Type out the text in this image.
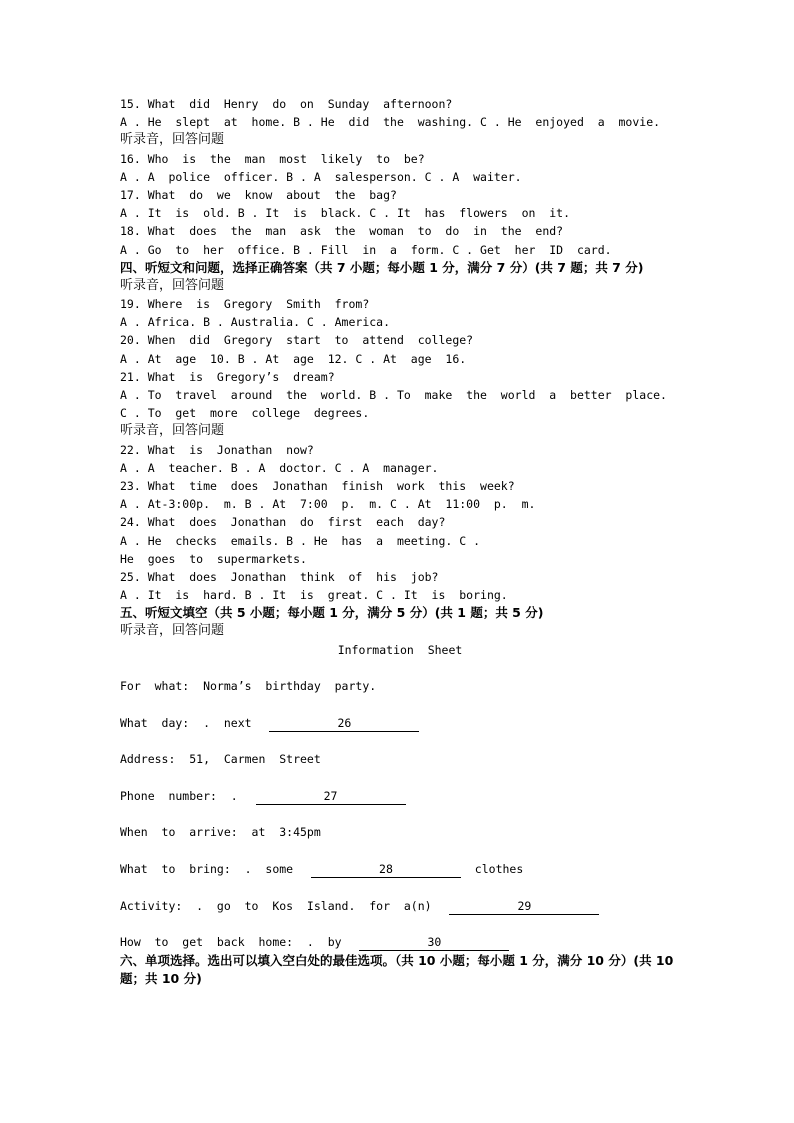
15. What  did  Henry  do  on  Sunday  afternoon?
A . He  slept  at  home. B . He  did  the  washing. C . He  enjoyed  a  movie.
听录音，回答问题
16. Who  is  the  man  most  likely  to  be?
A . A  police  officer. B . A  salesperson. C . A  waiter.
17. What  do  we  know  about  the  bag?
A . It  is  old. B . It  is  black. C . It  has  flowers  on  it.
18. What  does  the  man  ask  the  woman  to  do  in  the  end?
A . Go  to  her  office. B . Fill  in  a  form. C . Get  her  ID  card.
四、听短文和问题，选择正确答案（共 7 小题；每小题 1 分，满分 7 分）(共 7 题；共 7 分)
听录音，回答问题
19. Where  is  Gregory  Smith  from?
A . Africa. B . Australia. C . America.
20. When  did  Gregory  start  to  attend  college?
A . At  age  10. B . At  age  12. C . At  age  16.
21. What  is  Gregory’s  dream?
A . To  travel  around  the  world. B . To  make  the  world  a  better  place.
C . To  get  more  college  degrees.
听录音，回答问题
22. What  is  Jonathan  now?
A . A  teacher. B . A  doctor. C . A  manager.
23. What  time  does  Jonathan  finish  work  this  week?
A . At-3:00p.  m. B . At  7:00  p.  m. C . At  11:00  p.  m.
24. What  does  Jonathan  do  first  each  day?
A . He  checks  emails. B . He  has  a  meeting. C .
He  goes  to  supermarkets.
25. What  does  Jonathan  think  of  his  job?
A . It  is  hard. B . It  is  great. C . It  is  boring.
五、听短文填空（共 5 小题；每小题 1 分，满分 5 分）(共 1 题；共 5 分)
听录音，回答问题
Information  Sheet
For  what:  Norma’s  birthday  party.
What  day:  .  next	26
Address:  51,  Carmen  Street
Phone  number:  .	27
When  to  arrive:  at  3:45pm
What  to  bring:  .  some	28	clothes
Activity:  .  go  to  Kos  Island.  for  a(n)	29
How  to  get  back  home:  .  by	30
六、单项选择。选出可以填入空白处的最佳选项。（共 10 小题；每小题 1 分，满分 10 分）(共 10 题；共 10 分)
